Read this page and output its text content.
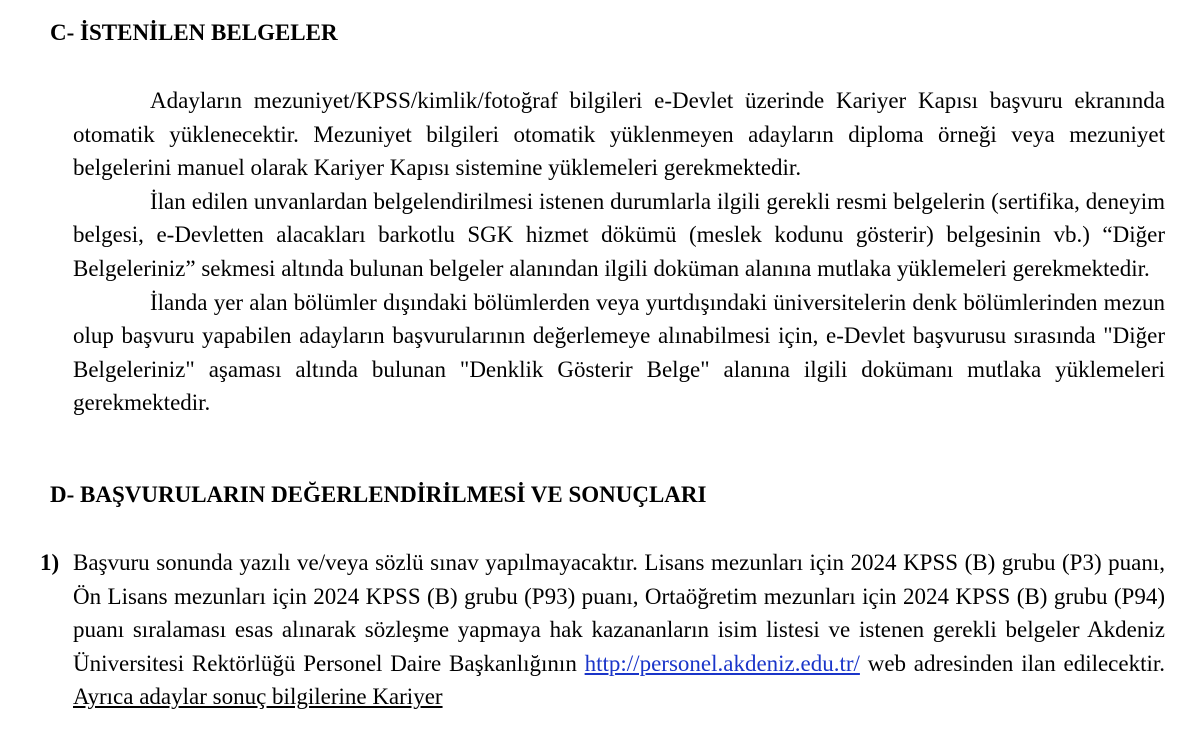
C- İSTENİLEN BELGELER

Adayların mezuniyet/KPSS/kimlik/fotoğraf bilgileri e-Devlet üzerinde Kariyer Kapısı başvuru ekranında otomatik yüklenecektir. Mezuniyet bilgileri otomatik yüklenmeyen adayların diploma örneği veya mezuniyet belgelerini manuel olarak Kariyer Kapısı sistemine yüklemeleri gerekmektedir.

İlan edilen unvanlardan belgelendirilmesi istenen durumlarla ilgili gerekli resmi belgelerin (sertifika, deneyim belgesi, e-Devletten alacakları barkotlu SGK hizmet dökümü (meslek kodunu gösterir) belgesinin vb.) “Diğer Belgeleriniz” sekmesi altında bulunan belgeler alanından ilgili doküman alanına mutlaka yüklemeleri gerekmektedir.

İlanda yer alan bölümler dışındaki bölümlerden veya yurtdışındaki üniversitelerin denk bölümlerinden mezun olup başvuru yapabilen adayların başvurularının değerlemeye alınabilmesi için, e-Devlet başvurusu sırasında "Diğer Belgeleriniz" aşaması altında bulunan "Denklik Gösterir Belge" alanına ilgili dokümanı mutlaka yüklemeleri gerekmektedir.

D- BAŞVURULARIN DEĞERLENDİRİLMESİ VE SONUÇLARI
1) Başvuru sonunda yazılı ve/veya sözlü sınav yapılmayacaktır. Lisans mezunları için 2024 KPSS (B) grubu (P3) puanı, Ön Lisans mezunları için 2024 KPSS (B) grubu (P93) puanı, Ortaöğretim mezunları için 2024 KPSS (B) grubu (P94) puanı sıralaması esas alınarak sözleşme yapmaya hak kazananların isim listesi ve istenen gerekli belgeler Akdeniz Üniversitesi Rektörlüğü Personel Daire Başkanlığının http://personel.akdeniz.edu.tr/ web adresinden ilan edilecektir. Ayrıca adaylar sonuç bilgilerine Kariyer
